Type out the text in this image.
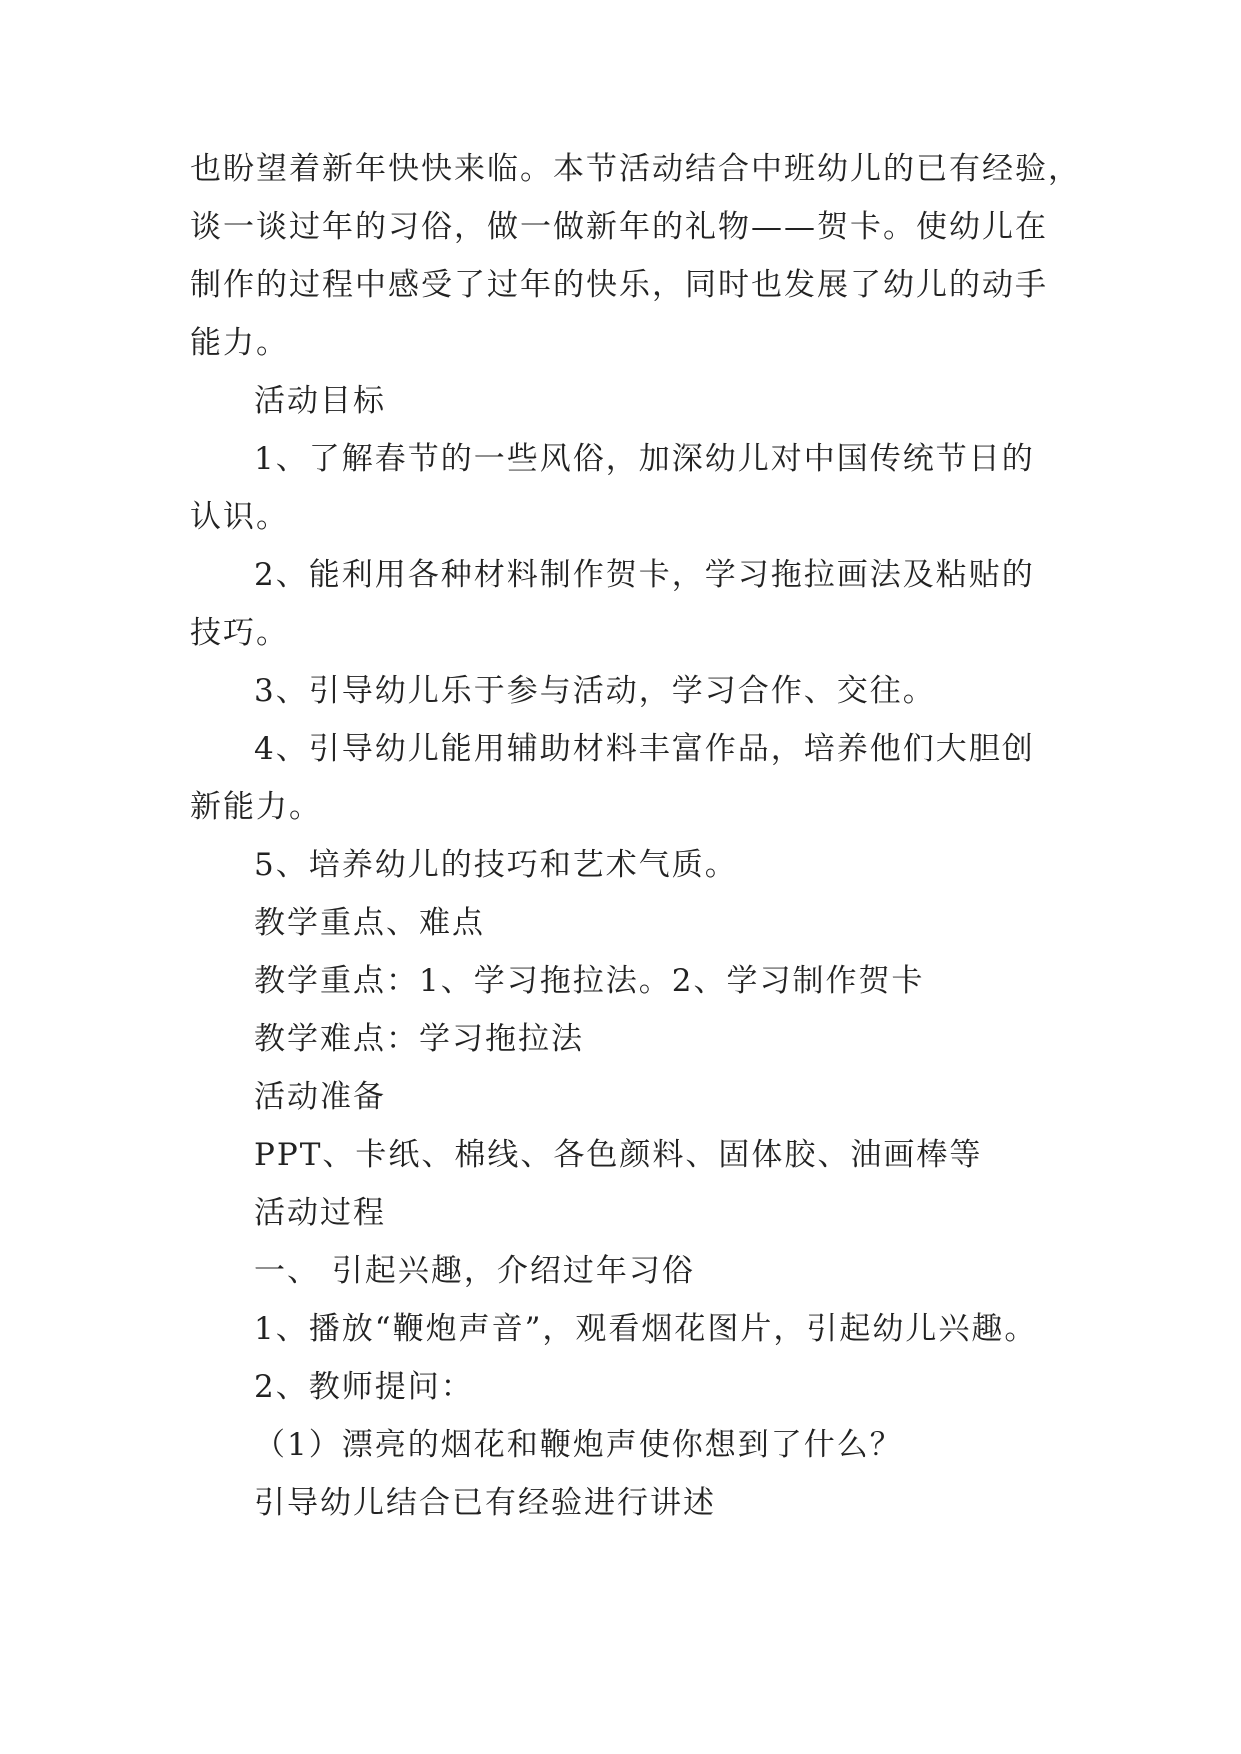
也盼望着新年快快来临。本节活动结合中班幼儿的已有经验，
谈一谈过年的习俗，做一做新年的礼物——贺卡。使幼儿在
制作的过程中感受了过年的快乐，同时也发展了幼儿的动手
能力。
活动目标
1、了解春节的一些风俗，加深幼儿对中国传统节日的
认识。
2、能利用各种材料制作贺卡，学习拖拉画法及粘贴的
技巧。
3、引导幼儿乐于参与活动，学习合作、交往。
4、引导幼儿能用辅助材料丰富作品，培养他们大胆创
新能力。
5、培养幼儿的技巧和艺术气质。
教学重点、难点
教学重点：1、学习拖拉法。2、学习制作贺卡
教学难点：学习拖拉法
活动准备
PPT、卡纸、棉线、各色颜料、固体胶、油画棒等
活动过程
一、 引起兴趣，介绍过年习俗
1、播放“鞭炮声音”，观看烟花图片，引起幼儿兴趣。
2、教师提问：
（1）漂亮的烟花和鞭炮声使你想到了什么？
引导幼儿结合已有经验进行讲述
